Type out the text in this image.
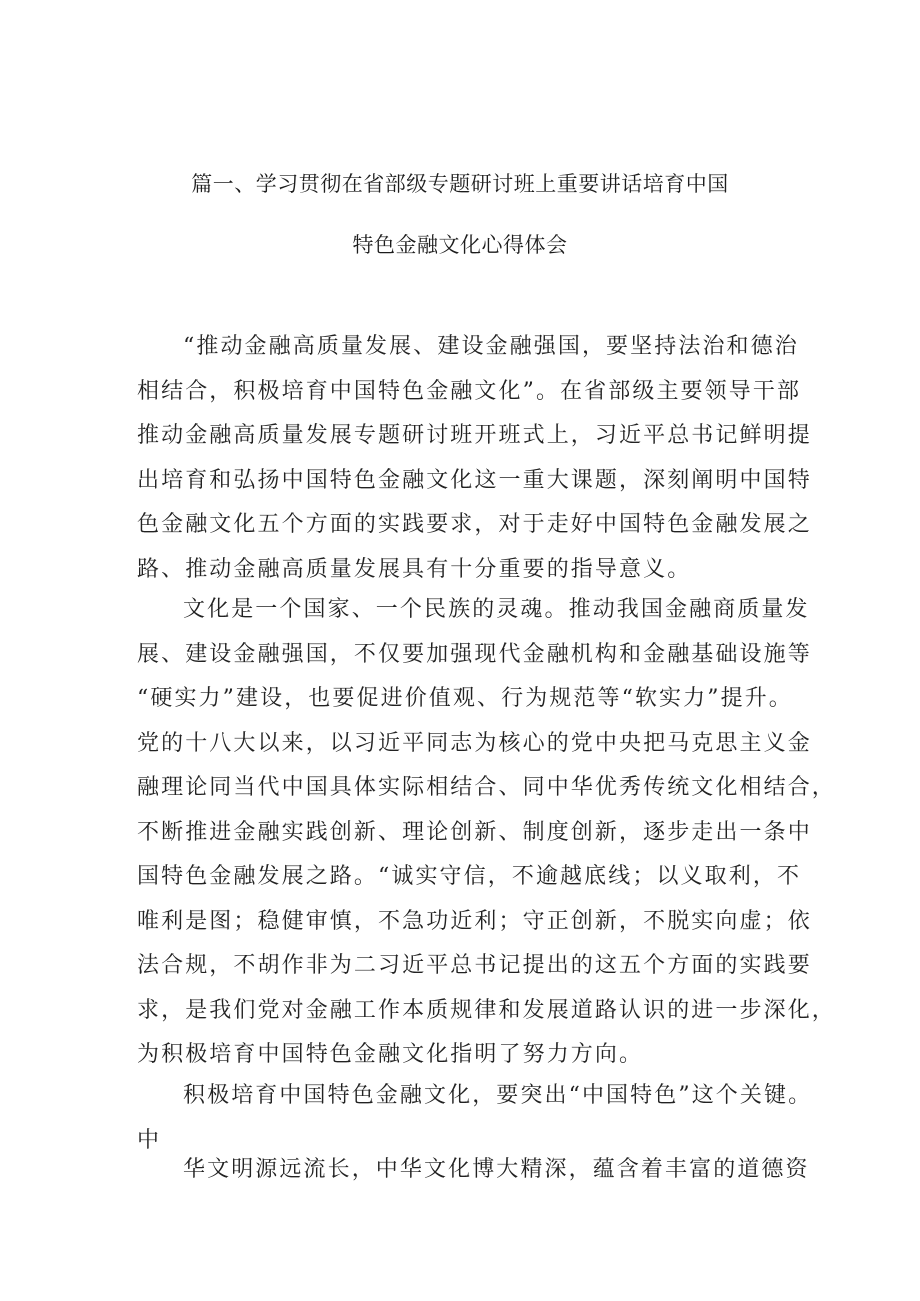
篇一、学习贯彻在省部级专题研讨班上重要讲话培育中国
特色金融文化心得体会
“推动金融高质量发展、建设金融强国，要坚持法治和德治
相结合，积极培育中国特色金融文化”。在省部级主要领导干部
推动金融高质量发展专题研讨班开班式上，习近平总书记鲜明提
出培育和弘扬中国特色金融文化这一重大课题，深刻阐明中国特
色金融文化五个方面的实践要求，对于走好中国特色金融发展之
路、推动金融高质量发展具有十分重要的指导意义。
文化是一个国家、一个民族的灵魂。推动我国金融商质量发
展、建设金融强国，不仅要加强现代金融机构和金融基础设施等
“硬实力”建设，也要促进价值观、行为规范等“软实力”提升。
党的十八大以来，以习近平同志为核心的党中央把马克思主义金
融理论同当代中国具体实际相结合、同中华优秀传统文化相结合，
不断推进金融实践创新、理论创新、制度创新，逐步走出一条中
国特色金融发展之路。“诚实守信，不逾越底线；以义取利，不
唯利是图；稳健审慎，不急功近利；守正创新，不脱实向虚；依
法合规，不胡作非为二习近平总书记提出的这五个方面的实践要
求，是我们党对金融工作本质规律和发展道路认识的进一步深化，
为积极培育中国特色金融文化指明了努力方向。
积极培育中国特色金融文化，要突出“中国特色”这个关键。
中
华文明源远流长，中华文化博大精深，蕴含着丰富的道德资
